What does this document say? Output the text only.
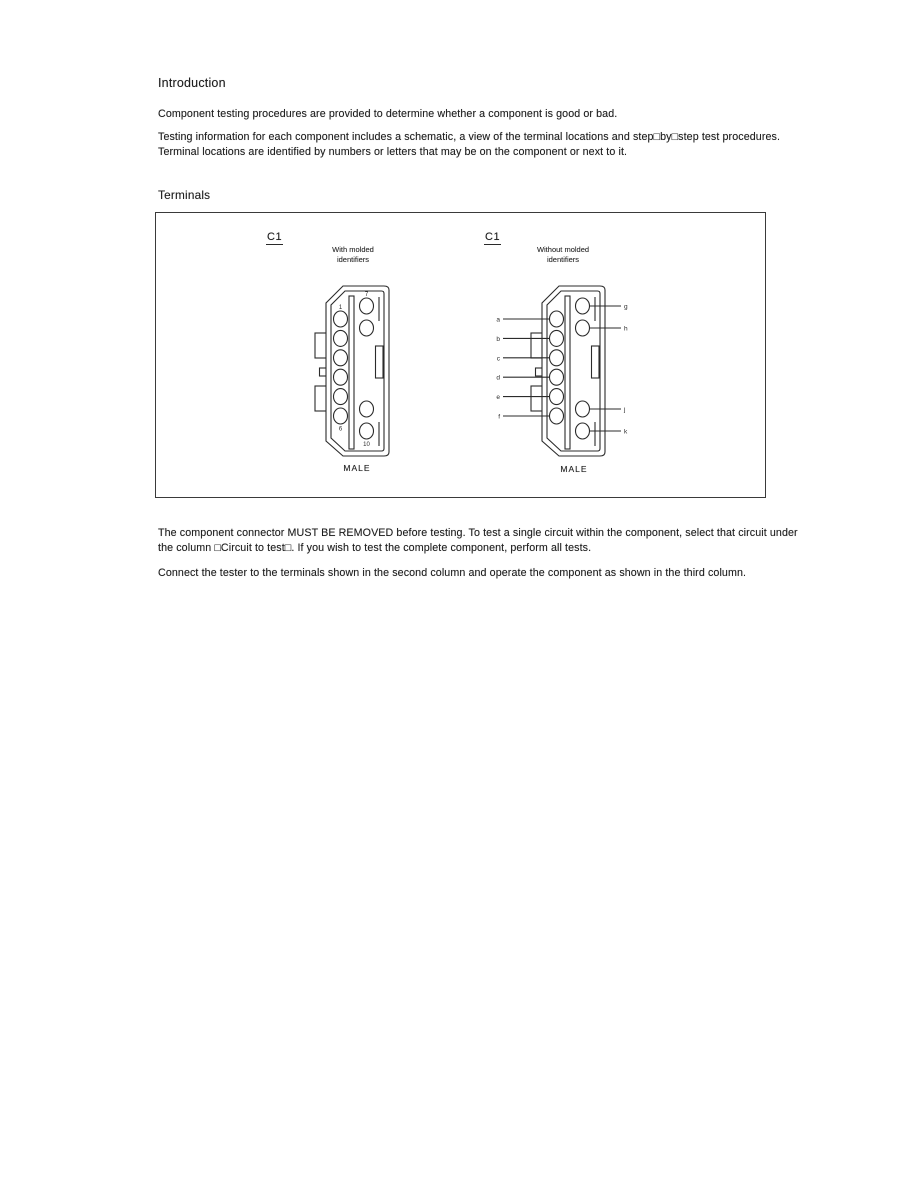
Introduction
Component testing procedures are provided to determine whether a component is good or bad.
Testing information for each component includes a schematic, a view of the terminal locations and step□by□step test procedures.
Terminal locations are identified by numbers or letters that may be on the component or next to it.
Terminals
C1
With molded
identifiers
C1
Without molded
identifiers
1
7
6
10
MALE
a
b
c
d
e
f
g
h
j
k
MALE
The component connector MUST BE REMOVED before testing. To test a single circuit within the component, select that circuit under
the column □Circuit to test□. If you wish to test the complete component, perform all tests.
Connect the tester to the terminals shown in the second column and operate the component as shown in the third column.
